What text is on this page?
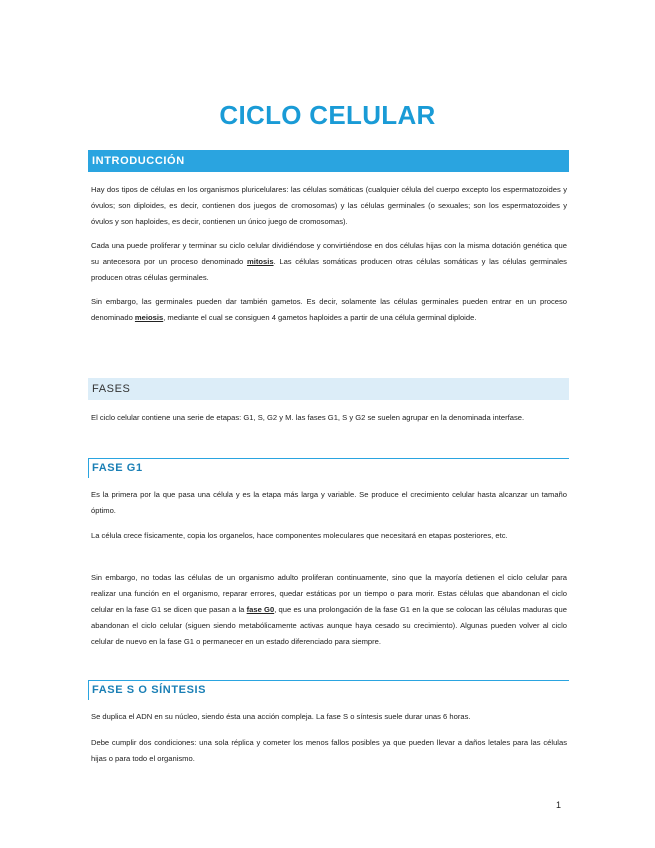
CICLO CELULAR
INTRODUCCIÓN
Hay dos tipos de células en los organismos pluricelulares: las células somáticas (cualquier célula del cuerpo excepto los espermatozoides y óvulos; son diploides, es decir, contienen dos juegos de cromosomas) y las células germinales (o sexuales; son los espermatozoides y óvulos y son haploides, es decir, contienen un único juego de cromosomas).
Cada una puede proliferar y terminar su ciclo celular dividiéndose y convirtiéndose en dos células hijas con la misma dotación genética que su antecesora por un proceso denominado mitosis. Las células somáticas producen otras células somáticas y las células germinales producen otras células germinales.
Sin embargo, las germinales pueden dar también gametos. Es decir, solamente las células germinales pueden entrar en un proceso denominado meiosis, mediante el cual se consiguen 4 gametos haploides a partir de una célula germinal diploide.
FASES
El ciclo celular contiene una serie de etapas: G1, S, G2 y M. las fases G1, S y G2 se suelen agrupar en la denominada interfase.
FASE G1
Es la primera por la que pasa una célula y es la etapa más larga y variable. Se produce el crecimiento celular hasta alcanzar un tamaño óptimo.
La célula crece físicamente, copia los organelos, hace componentes moleculares que necesitará en etapas posteriores, etc.
Sin embargo, no todas las células de un organismo adulto proliferan continuamente, sino que la mayoría detienen el ciclo celular para realizar una función en el organismo, reparar errores, quedar estáticas por un tiempo o para morir. Estas células que abandonan el ciclo celular en la fase G1 se dicen que pasan a la fase G0, que es una prolongación de la fase G1 en la que se colocan las células maduras que abandonan el ciclo celular (siguen siendo metabólicamente activas aunque haya cesado su crecimiento). Algunas pueden volver al ciclo celular de nuevo en la fase G1 o permanecer en un estado diferenciado para siempre.
FASE S O SÍNTESIS
Se duplica el ADN en su núcleo, siendo ésta una acción compleja. La fase S o síntesis suele durar unas 6 horas.
Debe cumplir dos condiciones: una sola réplica y cometer los menos fallos posibles ya que pueden llevar a daños letales para las células hijas o para todo el organismo.
1
